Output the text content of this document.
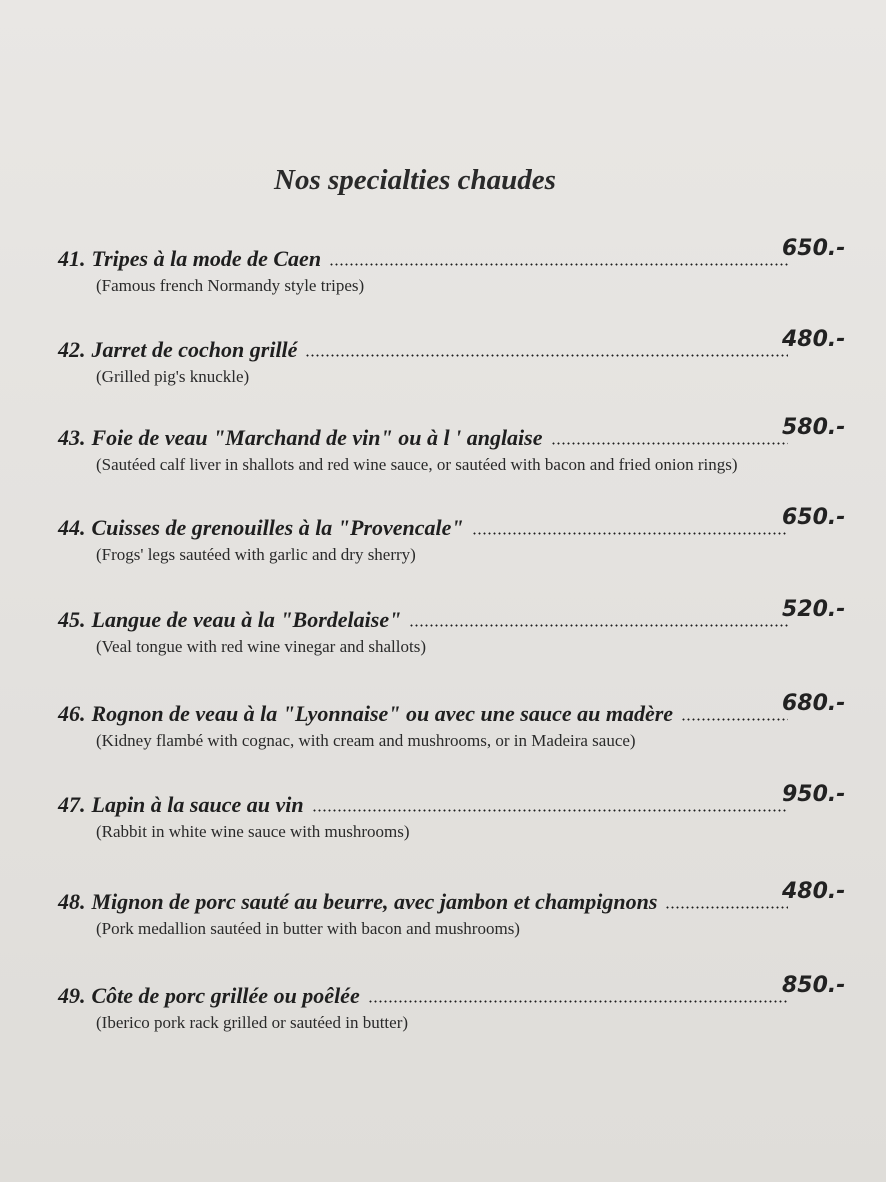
Nos specialties chaudes
41. Tripes à la mode de Caen	650.-
(Famous french Normandy style tripes)
42. Jarret de cochon grillé	480.-
(Grilled pig's knuckle)
43. Foie de veau "Marchand de vin" ou à l ' anglaise	580.-
(Sautéed calf liver in shallots and red wine sauce, or sautéed with bacon and fried onion rings)
44. Cuisses de grenouilles à la "Provencale"	650.-
(Frogs' legs sautéed with garlic and dry sherry)
45. Langue de veau à la "Bordelaise"	520.-
(Veal tongue with red wine vinegar and shallots)
46. Rognon de veau à la "Lyonnaise" ou avec une sauce au madère	680.-
(Kidney flambé with cognac, with cream and mushrooms, or in Madeira sauce)
47. Lapin à la sauce au vin	950.-
(Rabbit in white wine sauce with mushrooms)
48. Mignon de porc sauté au beurre, avec jambon et champignons	480.-
(Pork medallion sautéed in butter with bacon and mushrooms)
49. Côte de porc grillée ou poêlée	850.-
(Iberico pork rack grilled or sautéed in butter)
